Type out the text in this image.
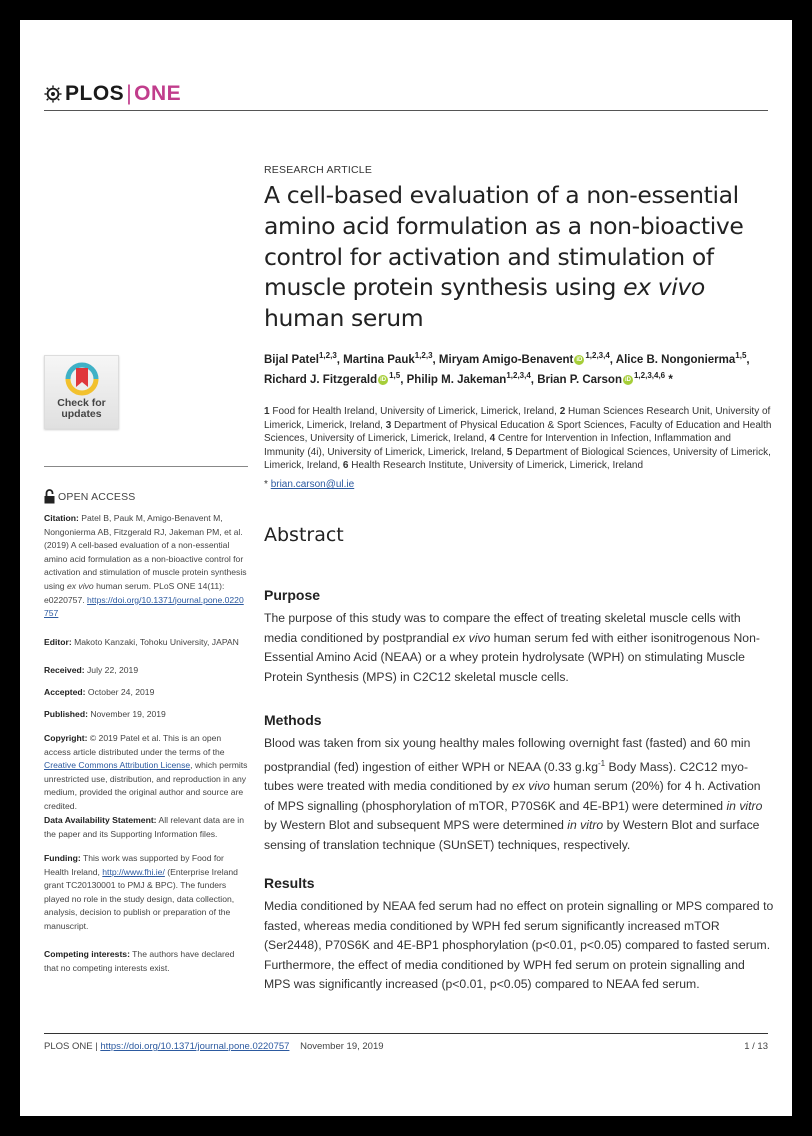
PLOS | ONE
Check for
updates
OPEN ACCESS

Citation: Patel B, Pauk M, Amigo-Benavent M, Nongonierma AB, Fitzgerald RJ, Jakeman PM, et al. (2019) A cell-based evaluation of a non-essential amino acid formulation as a non-bioactive control for activation and stimulation of muscle protein synthesis using ex vivo human serum. PLoS ONE 14(11): e0220757. https://doi.org/10.1371/journal.pone.0220757

Editor: Makoto Kanzaki, Tohoku University, JAPAN

Received: July 22, 2019

Accepted: October 24, 2019

Published: November 19, 2019

Copyright: © 2019 Patel et al. This is an open access article distributed under the terms of the Creative Commons Attribution License, which permits unrestricted use, distribution, and reproduction in any medium, provided the original author and source are credited.

Data Availability Statement: All relevant data are in the paper and its Supporting Information files.

Funding: This work was supported by Food for Health Ireland, http://www.fhi.ie/ (Enterprise Ireland grant TC20130001 to PMJ & BPC). The funders played no role in the study design, data collection, analysis, decision to publish or preparation of the manuscript.

Competing interests: The authors have declared that no competing interests exist.

RESEARCH ARTICLE
A cell-based evaluation of a non-essential amino acid formulation as a non-bioactive control for activation and stimulation of muscle protein synthesis using ex vivo human serum
Bijal Patel$^{1,2,3}$, Martina Pauk$^{1,2,3}$, Miryam Amigo-Benavent iD $^{1,2,3,4}$, Alice B. Nongonierma$^{1,5}$, Richard J. Fitzgerald iD $^{1,5}$, Philip M. Jakeman$^{1,2,3,4}$, Brian P. Carson iD $^{1,2,3,4,6}$ *
1 Food for Health Ireland, University of Limerick, Limerick, Ireland, 2 Human Sciences Research Unit, University of Limerick, Limerick, Ireland, 3 Department of Physical Education & Sport Sciences, Faculty of Education and Health Sciences, University of Limerick, Limerick, Ireland, 4 Centre for Intervention in Infection, Inflammation and Immunity (4i), University of Limerick, Limerick, Ireland, 5 Department of Biological Sciences, University of Limerick, Limerick, Ireland, 6 Health Research Institute, University of Limerick, Limerick, Ireland
* brian.carson@ul.ie
Abstract
Purpose
The purpose of this study was to compare the effect of treating skeletal muscle cells with media conditioned by postprandial ex vivo human serum fed with either isonitrogenous Non-Essential Amino Acid (NEAA) or a whey protein hydrolysate (WPH) on stimulating Muscle Protein Synthesis (MPS) in C2C12 skeletal muscle cells.
Methods
Blood was taken from six young healthy males following overnight fast (fasted) and 60 min postprandial (fed) ingestion of either WPH or NEAA (0.33 $g.kg^{-1}$ Body Mass). C2C12 myo-tubes were treated with media conditioned by ex vivo human serum (20%) for 4 h. Activation of MPS signalling (phosphorylation of mTOR, P70S6K and 4E-BP1) were determined in vitro by Western Blot and subsequent MPS were determined in vitro by Western Blot and surface sensing of translation technique (SUnSET) techniques, respectively.
Results
Media conditioned by NEAA fed serum had no effect on protein signalling or MPS compared to fasted, whereas media conditioned by WPH fed serum significantly increased mTOR (Ser2448), P70S6K and 4E-BP1 phosphorylation (p<0.01, p<0.05) compared to fasted serum. Furthermore, the effect of media conditioned by WPH fed serum on protein signalling and MPS was significantly increased (p<0.01, p<0.05) compared to NEAA fed serum.
PLOS ONE | https://doi.org/10.1371/journal.pone.0220757 November 19, 2019	1 / 13
